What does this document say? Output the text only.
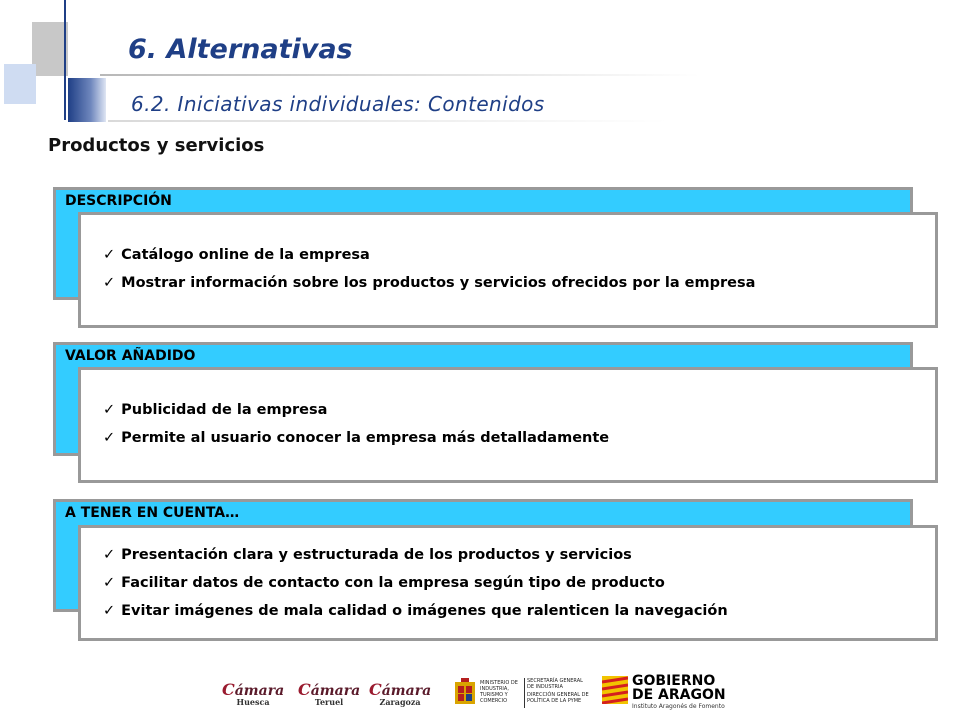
6. Alternativas
6.2. Iniciativas individuales: Contenidos
Productos y servicios
DESCRIPCIÓN
✓ Catálogo online de la empresa
✓ Mostrar información sobre los productos y servicios ofrecidos por la empresa
VALOR AÑADIDO
✓ Publicidad de la empresa
✓ Permite al usuario conocer la empresa más detalladamente
A TENER EN CUENTA…
✓ Presentación clara y estructurada de los productos y servicios
✓ Facilitar datos de contacto con la empresa según tipo de producto
✓ Evitar imágenes de mala calidad o imágenes que ralenticen la navegación
Cámara
Huesca
Cámara
Teruel
Cámara
Zaragoza
MINISTERIO DE INDUSTRIA, TURISMO Y COMERCIO
SECRETARÍA GENERAL DE INDUSTRIA
DIRECCIÓN GENERAL DE POLÍTICA DE LA PYME
GOBIERNO
DE ARAGON
Instituto Aragonés de Fomento
